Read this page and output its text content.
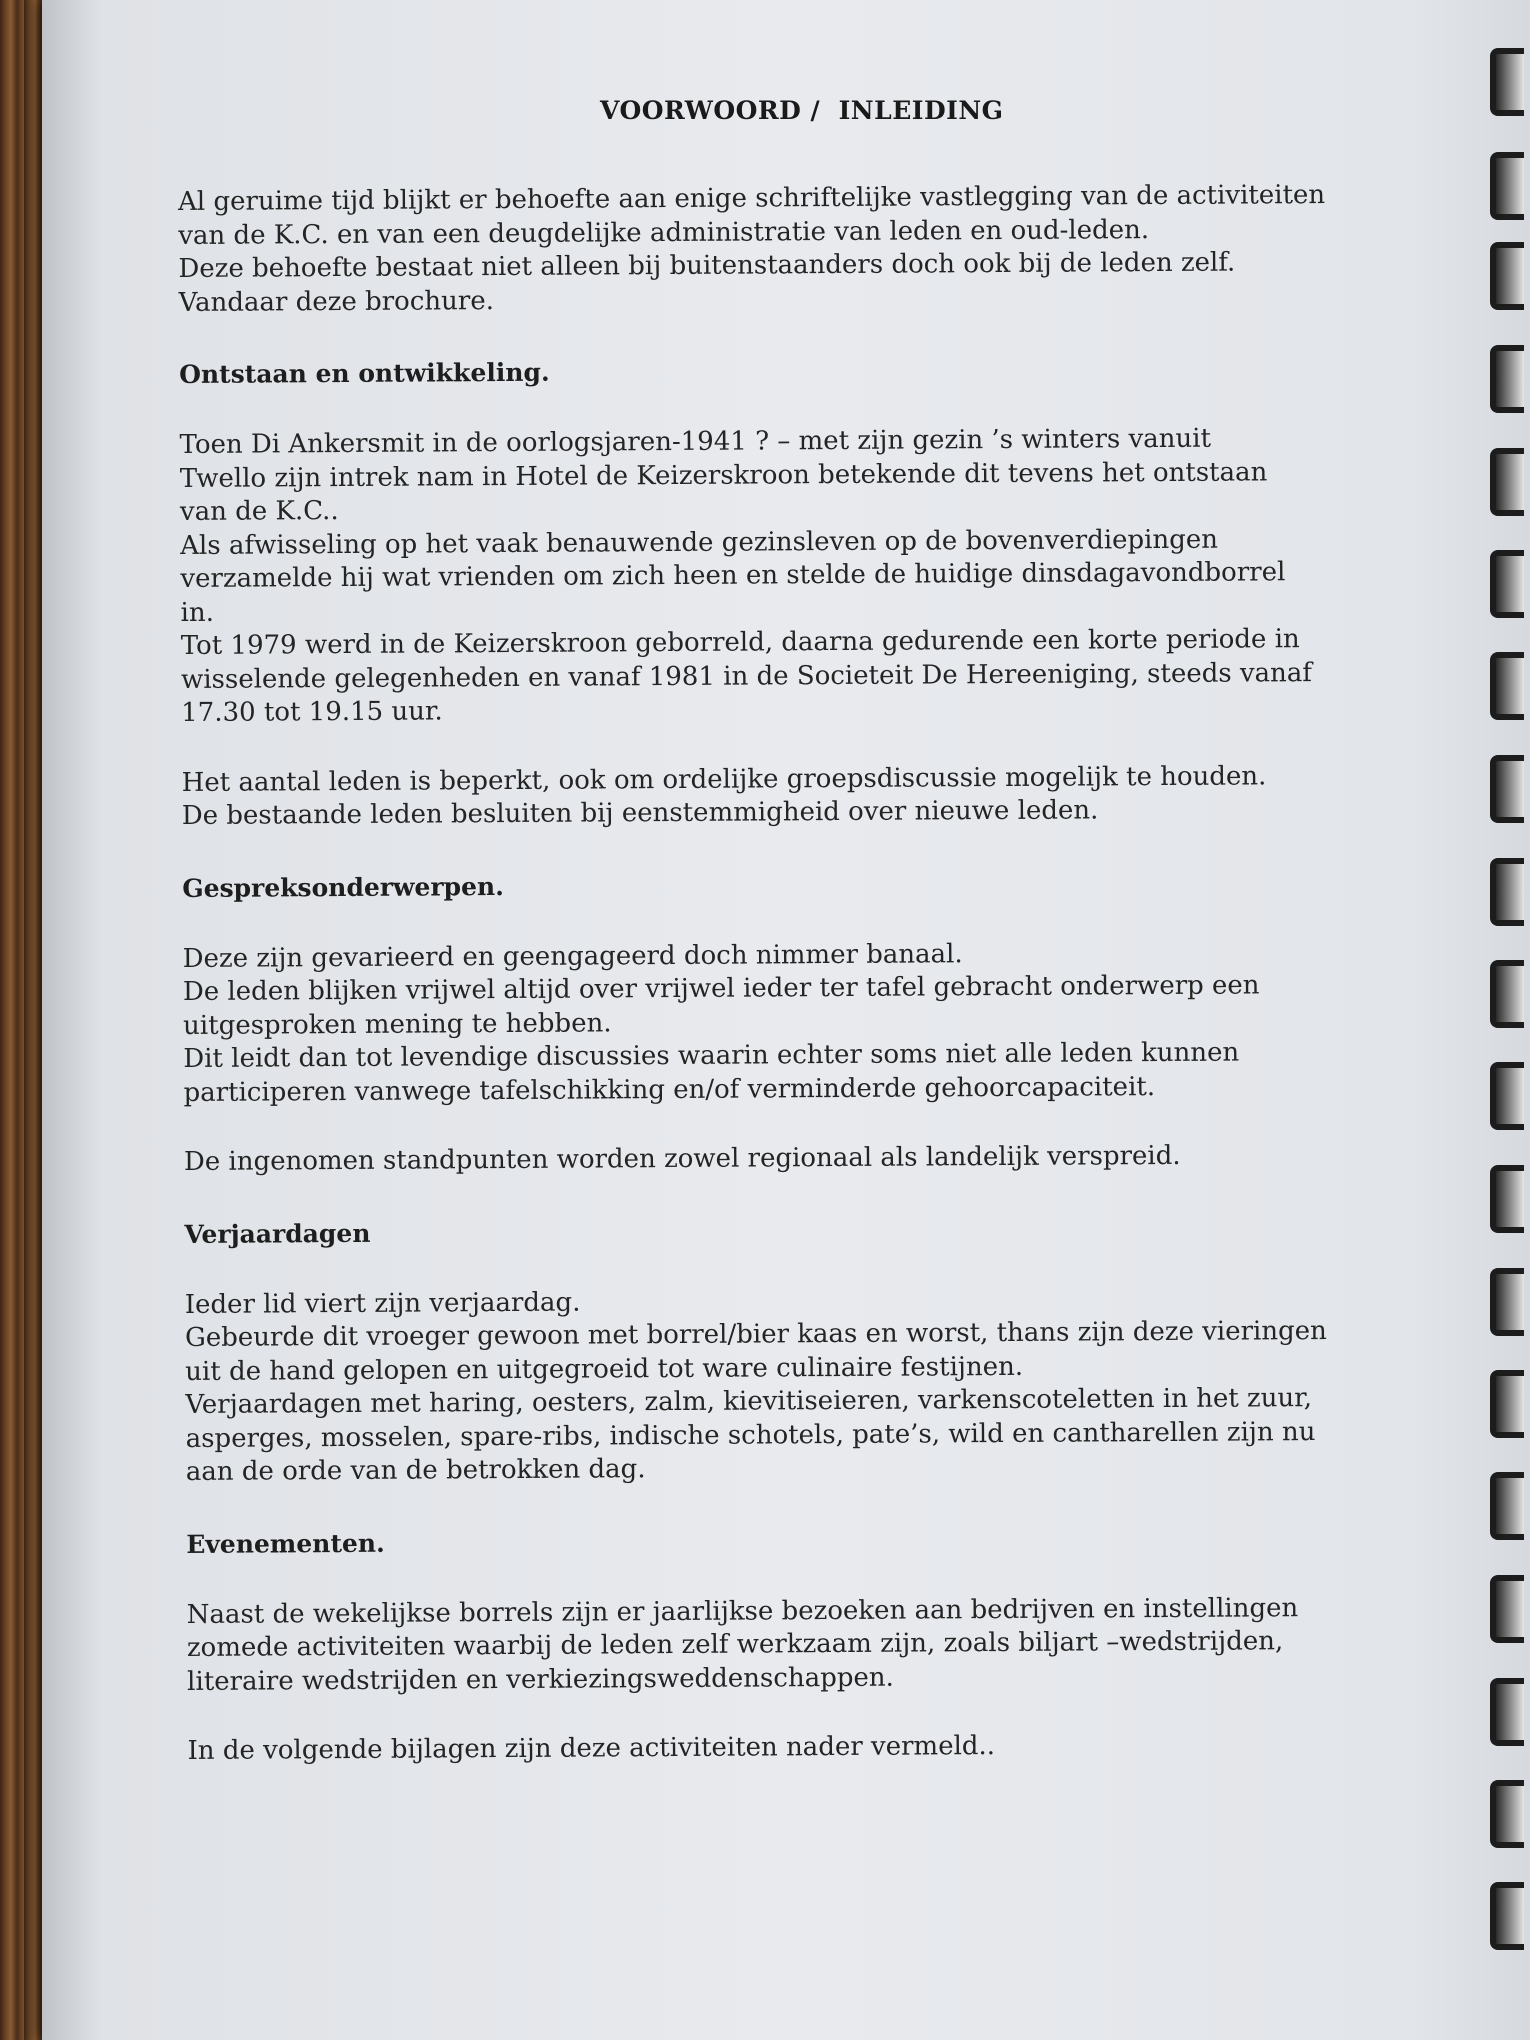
VOORWOORD /  INLEIDING

Al geruime tijd blijkt er behoefte aan enige schriftelijke vastlegging van de activiteiten

van de K.C. en van een deugdelijke administratie van leden en oud-leden.

Deze behoefte bestaat niet alleen bij buitenstaanders doch ook bij de leden zelf.

Vandaar deze brochure.

Ontstaan en ontwikkeling.

Toen Di Ankersmit in de oorlogsjaren-1941 ? – met zijn gezin ’s winters vanuit

Twello zijn intrek nam in Hotel de Keizerskroon betekende dit tevens het ontstaan

van de K.C..

Als afwisseling op het vaak benauwende gezinsleven op de bovenverdiepingen

verzamelde hij wat vrienden om zich heen en stelde de huidige dinsdagavondborrel

in.

Tot 1979 werd in de Keizerskroon geborreld, daarna gedurende een korte periode in

wisselende gelegenheden en vanaf 1981 in de Societeit De Hereeniging, steeds vanaf

17.30 tot 19.15 uur.

Het aantal leden is beperkt, ook om ordelijke groepsdiscussie mogelijk te houden.

De bestaande leden besluiten bij eenstemmigheid over nieuwe leden.

Gespreksonderwerpen.

Deze zijn gevarieerd en geengageerd doch nimmer banaal.

De leden blijken vrijwel altijd over vrijwel ieder ter tafel gebracht onderwerp een

uitgesproken mening te hebben.

Dit leidt dan tot levendige discussies waarin echter soms niet alle leden kunnen

participeren vanwege tafelschikking en/of verminderde gehoorcapaciteit.

De ingenomen standpunten worden zowel regionaal als landelijk verspreid.

Verjaardagen

Ieder lid viert zijn verjaardag.

Gebeurde dit vroeger gewoon met borrel/bier kaas en worst, thans zijn deze vieringen

uit de hand gelopen en uitgegroeid tot ware culinaire festijnen.

Verjaardagen met haring, oesters, zalm, kievitiseieren, varkenscoteletten in het zuur,

asperges, mosselen, spare-ribs, indische schotels, pate’s, wild en cantharellen zijn nu

aan de orde van de betrokken dag.

Evenementen.

Naast de wekelijkse borrels zijn er jaarlijkse bezoeken aan bedrijven en instellingen

zomede activiteiten waarbij de leden zelf werkzaam zijn, zoals biljart –wedstrijden,

literaire wedstrijden en verkiezingsweddenschappen.

In de volgende bijlagen zijn deze activiteiten nader vermeld..
